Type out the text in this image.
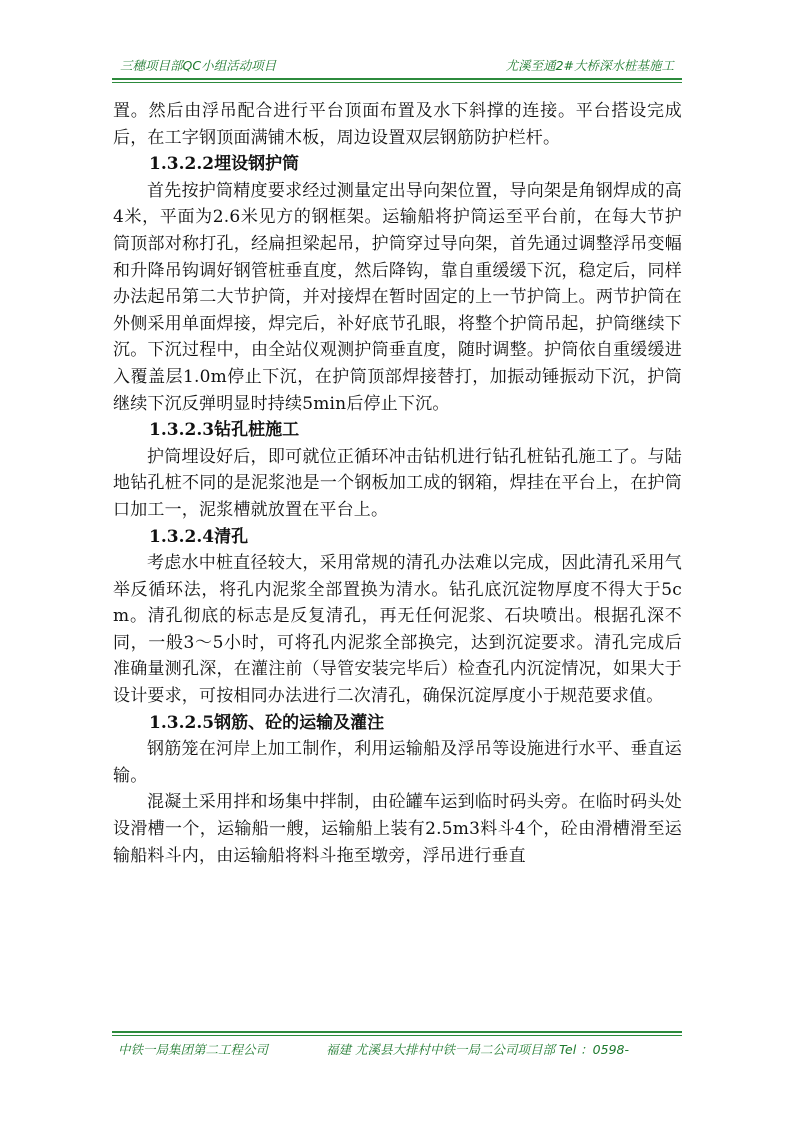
三穗项目部QC小组活动项目	尤溪至通2#大桥深水桩基施工

置。然后由浮吊配合进行平台顶面布置及水下斜撑的连接。平台搭设完成后，在工字钢顶面满铺木板，周边设置双层钢筋防护栏杆。

1.3.2.2埋设钢护筒

首先按护筒精度要求经过测量定出导向架位置，导向架是角钢焊成的高4米，平面为2.6米见方的钢框架。运输船将护筒运至平台前，在每大节护筒顶部对称打孔，经扁担梁起吊，护筒穿过导向架，首先通过调整浮吊变幅和升降吊钩调好钢管桩垂直度，然后降钩，靠自重缓缓下沉，稳定后，同样办法起吊第二大节护筒，并对接焊在暂时固定的上一节护筒上。两节护筒在外侧采用单面焊接，焊完后，补好底节孔眼，将整个护筒吊起，护筒继续下沉。下沉过程中，由全站仪观测护筒垂直度，随时调整。护筒依自重缓缓进入覆盖层1.0m停止下沉，在护筒顶部焊接替打，加振动锤振动下沉，护筒继续下沉反弹明显时持续5min后停止下沉。

1.3.2.3钻孔桩施工

护筒埋设好后，即可就位正循环冲击钻机进行钻孔桩钻孔施工了。与陆地钻孔桩不同的是泥浆池是一个钢板加工成的钢箱，焊挂在平台上，在护筒口加工一，泥浆槽就放置在平台上。

1.3.2.4清孔

考虑水中桩直径较大，采用常规的清孔办法难以完成，因此清孔采用气举反循环法，将孔内泥浆全部置换为清水。钻孔底沉淀物厚度不得大于5cm。清孔彻底的标志是反复清孔，再无任何泥浆、石块喷出。根据孔深不同，一般3～5小时，可将孔内泥浆全部换完，达到沉淀要求。清孔完成后准确量测孔深，在灌注前（导管安装完毕后）检查孔内沉淀情况，如果大于设计要求，可按相同办法进行二次清孔，确保沉淀厚度小于规范要求值。

1.3.2.5钢筋、砼的运输及灌注

钢筋笼在河岸上加工制作，利用运输船及浮吊等设施进行水平、垂直运输。

混凝土采用拌和场集中拌制，由砼罐车运到临时码头旁。在临时码头处设滑槽一个，运输船一艘，运输船上装有2.5m3料斗4个，砼由滑槽滑至运输船料斗内，由运输船将料斗拖至墩旁，浮吊进行垂直

中铁一局集团第二工程公司	福建 尤溪县大排村中铁一局二公司项目部 Tel ：0598-
